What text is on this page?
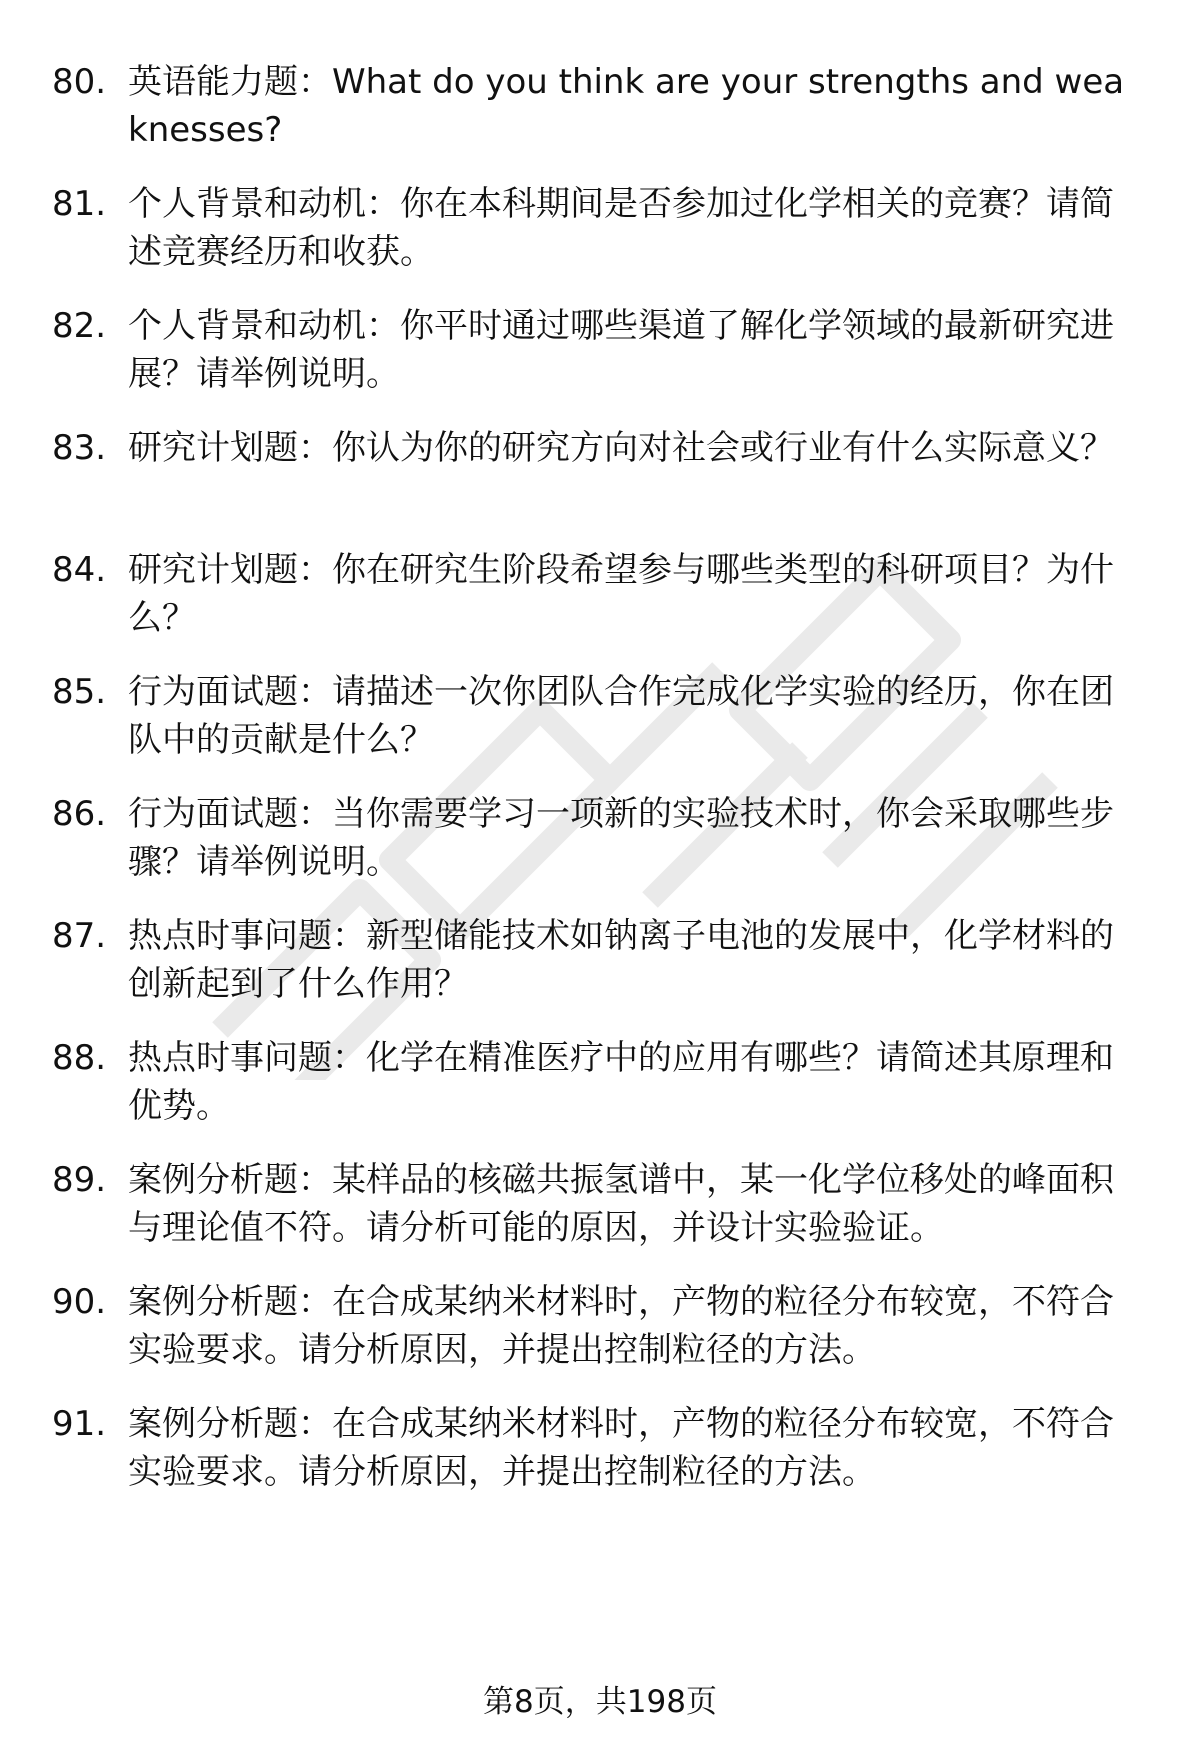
80. 英语能力题：What do you think are your strengths and weaknesses?
81. 个人背景和动机：你在本科期间是否参加过化学相关的竞赛？请简述竞赛经历和收获。
82. 个人背景和动机：你平时通过哪些渠道了解化学领域的最新研究进展？请举例说明。
83. 研究计划题：你认为你的研究方向对社会或行业有什么实际意义？
84. 研究计划题：你在研究生阶段希望参与哪些类型的科研项目？为什么？
85. 行为面试题：请描述一次你团队合作完成化学实验的经历，你在团队中的贡献是什么？
86. 行为面试题：当你需要学习一项新的实验技术时，你会采取哪些步骤？请举例说明。
87. 热点时事问题：新型储能技术如钠离子电池的发展中，化学材料的创新起到了什么作用？
88. 热点时事问题：化学在精准医疗中的应用有哪些？请简述其原理和优势。
89. 案例分析题：某样品的核磁共振氢谱中，某一化学位移处的峰面积与理论值不符。请分析可能的原因，并设计实验验证。
90. 案例分析题：在合成某纳米材料时，产物的粒径分布较宽，不符合实验要求。请分析原因，并提出控制粒径的方法。
91. 案例分析题：在合成某纳米材料时，产物的粒径分布较宽，不符合实验要求。请分析原因，并提出控制粒径的方法。
第8页，共198页
